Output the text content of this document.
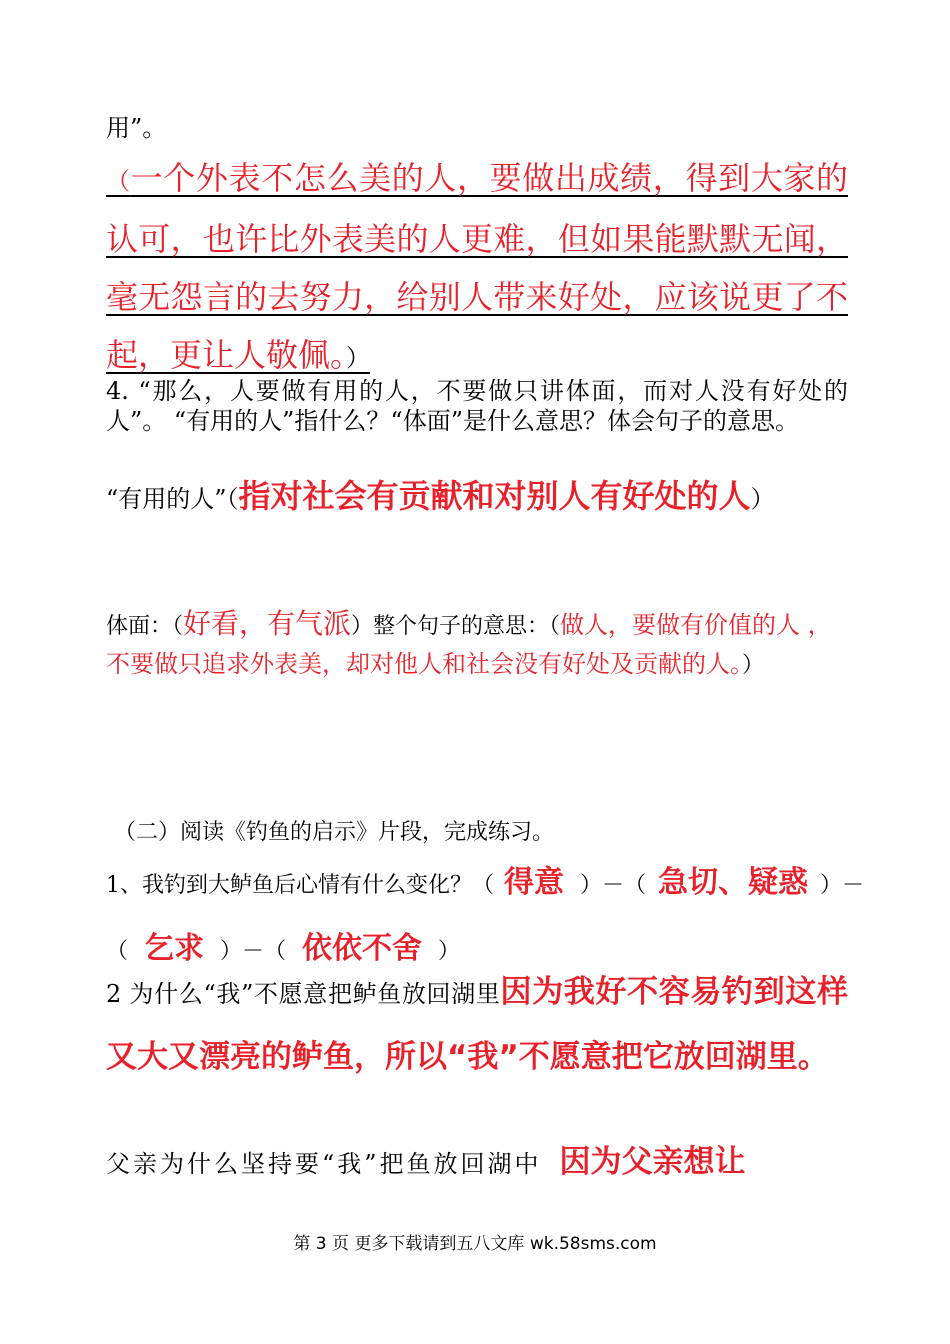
用”。
（一个外表不怎么美的人，要做出成绩，得到大家的认可，也许比外表美的人更难，但如果能默默无闻，毫无怨言的去努力，给别人带来好处，应该说更了不起，更让人敬佩。）
4. “那么，人要做有用的人，不要做只讲体面，而对人没有好处的人”。 “有用的人”指什么？“体面”是什么意思？体会句子的意思。
“有用的人”（指对社会有贡献和对别人有好处的人）
体面：（好看，有气派）整个句子的意思：（做人，要做有价值的人 ，不要做只追求外表美，却对他人和社会没有好处及贡献的人。）
（二）阅读《钓鱼的启示》片段，完成练习。
1、我钓到大鲈鱼后心情有什么变化？（ 得意 ）－（ 急切、疑惑 ）－（ 乞求 ）－（ 依依不舍 ）
2 为什么“我”不愿意把鲈鱼放回湖里因为我好不容易钓到这样又大又漂亮的鲈鱼，所以“我”不愿意把它放回湖里。
父亲为什么坚持要“我”把鱼放回湖中 因为父亲想让
第 3 页 更多下载请到五八文库 wk.58sms.com
